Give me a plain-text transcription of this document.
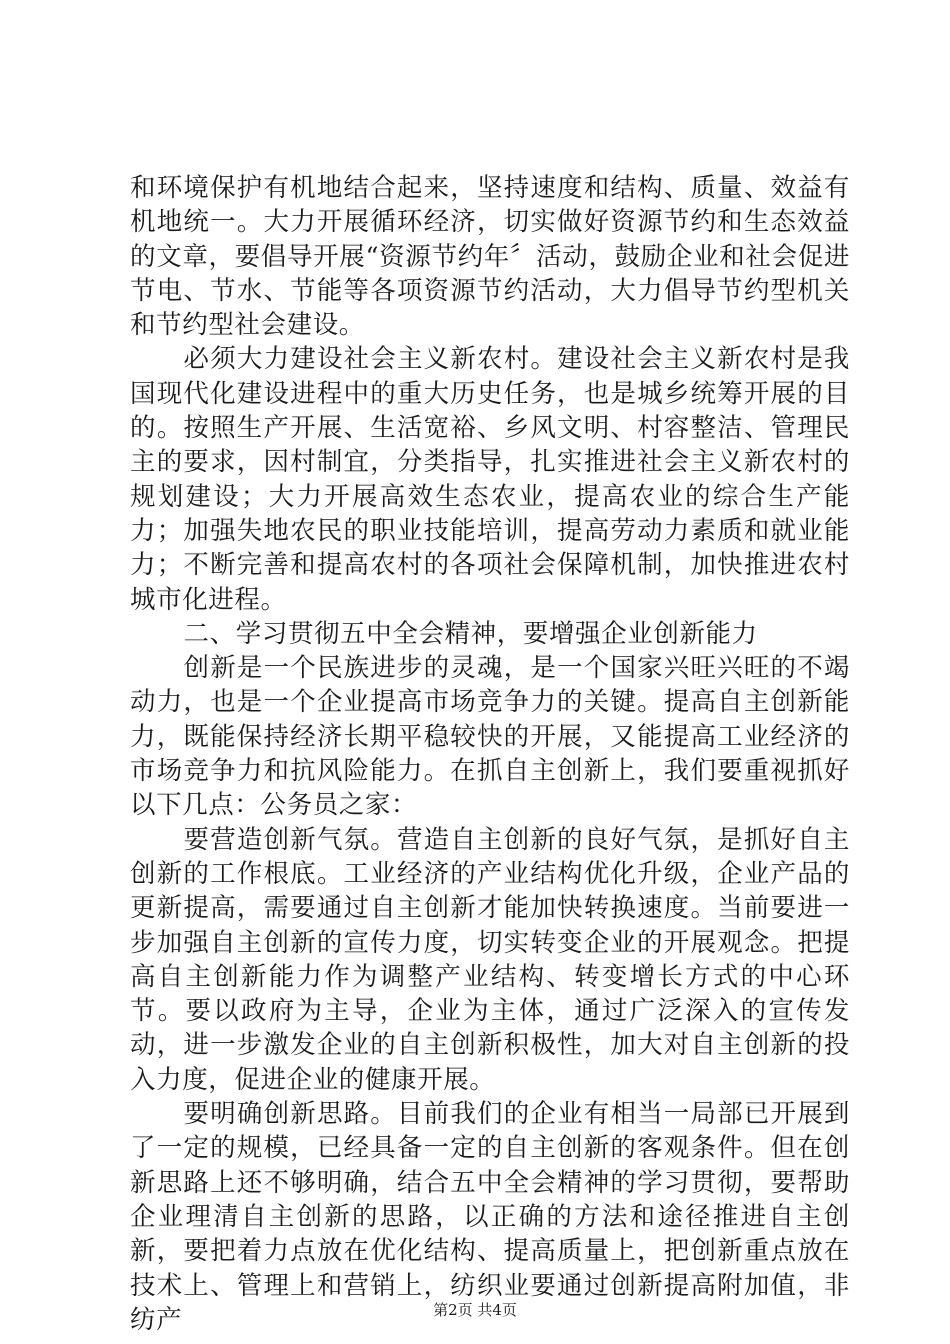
和环境保护有机地结合起来，坚持速度和结构、质量、效益有机地统一。大力开展循环经济，切实做好资源节约和生态效益的文章，要倡导开展“资源节约年〞活动，鼓励企业和社会促进节电、节水、节能等各项资源节约活动，大力倡导节约型机关和节约型社会建设。

必须大力建设社会主义新农村。建设社会主义新农村是我国现代化建设进程中的重大历史任务，也是城乡统筹开展的目的。按照生产开展、生活宽裕、乡风文明、村容整洁、管理民主的要求，因村制宜，分类指导，扎实推进社会主义新农村的规划建设；大力开展高效生态农业，提高农业的综合生产能力；加强失地农民的职业技能培训，提高劳动力素质和就业能力；不断完善和提高农村的各项社会保障机制，加快推进农村城市化进程。

二、学习贯彻五中全会精神，要增强企业创新能力

创新是一个民族进步的灵魂，是一个国家兴旺兴旺的不竭动力，也是一个企业提高市场竞争力的关键。提高自主创新能力，既能保持经济长期平稳较快的开展，又能提高工业经济的市场竞争力和抗风险能力。在抓自主创新上，我们要重视抓好以下几点：公务员之家：

要营造创新气氛。营造自主创新的良好气氛，是抓好自主创新的工作根底。工业经济的产业结构优化升级，企业产品的更新提高，需要通过自主创新才能加快转换速度。当前要进一步加强自主创新的宣传力度，切实转变企业的开展观念。把提高自主创新能力作为调整产业结构、转变增长方式的中心环节。要以政府为主导，企业为主体，通过广泛深入的宣传发动，进一步激发企业的自主创新积极性，加大对自主创新的投入力度，促进企业的健康开展。

要明确创新思路。目前我们的企业有相当一局部已开展到了一定的规模，已经具备一定的自主创新的客观条件。但在创新思路上还不够明确，结合五中全会精神的学习贯彻，要帮助企业理清自主创新的思路，以正确的方法和途径推进自主创新，要把着力点放在优化结构、提高质量上，把创新重点放在技术上、管理上和营销上，纺织业要通过创新提高附加值，非纺产	第2页 共4页
